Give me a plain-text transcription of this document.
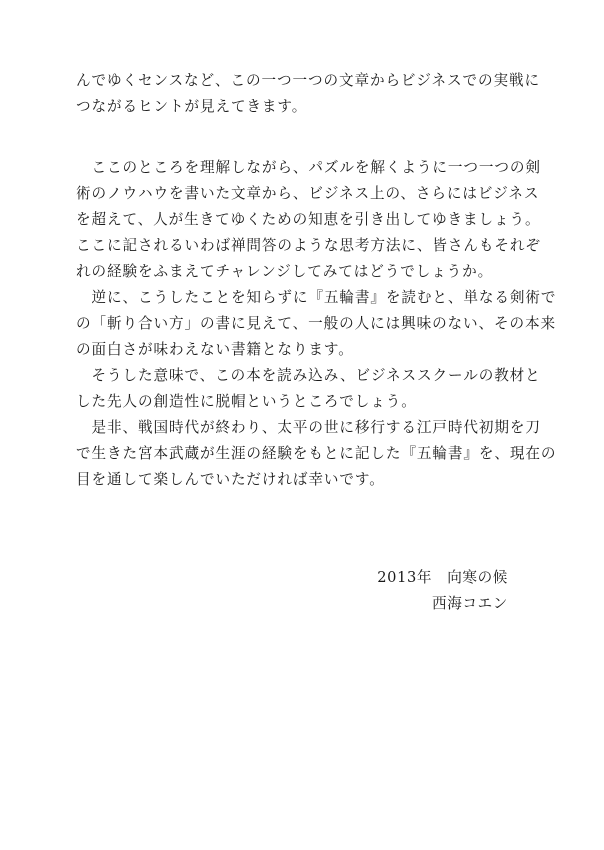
んでゆくセンスなど、この一つ一つの文章からビジネスでの実戦に
つながるヒントが見えてきます。
　ここのところを理解しながら、パズルを解くように一つ一つの剣
術のノウハウを書いた文章から、ビジネス上の、さらにはビジネス
を超えて、人が生きてゆくための知恵を引き出してゆきましょう。
ここに記されるいわば禅問答のような思考方法に、皆さんもそれぞ
れの経験をふまえてチャレンジしてみてはどうでしょうか。
　逆に、こうしたことを知らずに『五輪書』を読むと、単なる剣術で
の「斬り合い方」の書に見えて、一般の人には興味のない、その本来
の面白さが味わえない書籍となります。
　そうした意味で、この本を読み込み、ビジネススクールの教材と
した先人の創造性に脱帽というところでしょう。
　是非、戦国時代が終わり、太平の世に移行する江戸時代初期を刀
で生きた宮本武蔵が生涯の経験をもとに記した『五輪書』を、現在の
目を通して楽しんでいただければ幸いです。
2013年　向寒の候
西海コエン
